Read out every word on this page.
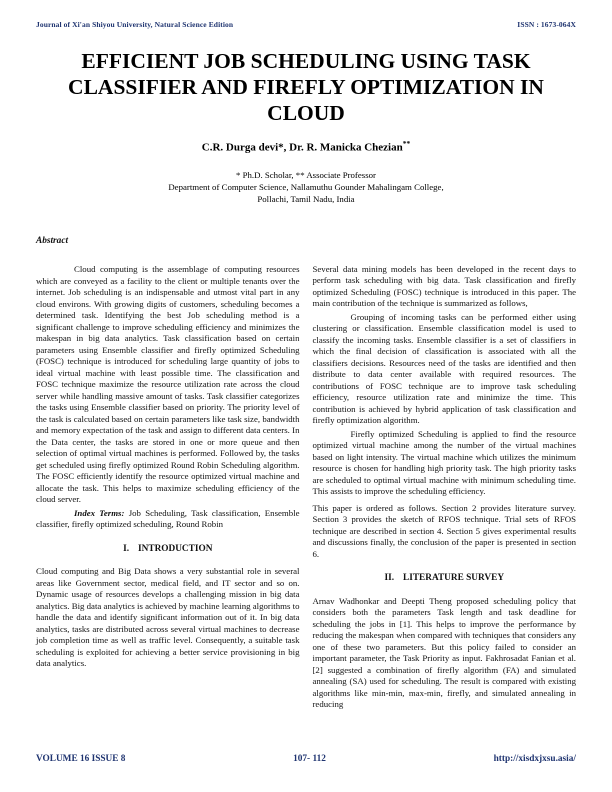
Journal of Xi'an Shiyou University, Natural Science Edition	ISSN : 1673-064X
EFFICIENT JOB SCHEDULING USING TASK
CLASSIFIER AND FIREFLY OPTIMIZATION IN
CLOUD
C.R. Durga devi*, Dr. R. Manicka Chezian**
* Ph.D. Scholar, ** Associate Professor
Department of Computer Science, Nallamuthu Gounder Mahalingam College,
Pollachi, Tamil Nadu, India
Abstract

Cloud computing is the assemblage of computing resources which are conveyed as a facility to the client or multiple tenants over the internet. Job scheduling is an indispensable and utmost vital part in any cloud environs. With growing digits of customers, scheduling becomes a determined task. Identifying the best Job scheduling method is a significant challenge to improve scheduling efficiency and minimizes the makespan in big data analytics. Task classification based on certain parameters using Ensemble classifier and firefly optimized Scheduling (FOSC) technique is introduced for scheduling large quantity of jobs to ideal virtual machine with least possible time. The classification and FOSC technique maximize the resource utilization rate across the cloud server while handling massive amount of tasks. Task classifier categorizes the tasks using Ensemble classifier based on priority. The priority level of the task is calculated based on certain parameters like task size, bandwidth and memory expectation of the task and assign to different data centers. In the Data center, the tasks are stored in one or more queue and then selection of optimal virtual machines is performed. Followed by, the tasks get scheduled using firefly optimized Round Robin Scheduling algorithm. The FOSC efficiently identify the resource optimized virtual machine and allocate the task. This helps to maximize scheduling efficiency of the cloud server.

Index Terms: Job Scheduling, Task classification, Ensemble classifier, firefly optimized scheduling, Round Robin

I. INTRODUCTION

Cloud computing and Big Data shows a very substantial role in several areas like Government sector, medical field, and IT sector and so on. Dynamic usage of resources develops a challenging mission in big data analytics. Big data analytics is achieved by machine learning algorithms to handle the data and identify significant information out of it. In big data analytics, tasks are distributed across several virtual machines to decrease job completion time as well as traffic level. Consequently, a suitable task scheduling is exploited for achieving a better service provisioning in big data analytics.

Several data mining models has been developed in the recent days to perform task scheduling with big data. Task classification and firefly optimized Scheduling (FOSC) technique is introduced in this paper. The main contribution of the technique is summarized as follows,

Grouping of incoming tasks can be performed either using clustering or classification. Ensemble classification model is used to classify the incoming tasks. Ensemble classifier is a set of classifiers in which the final decision of classification is associated with all the classifiers decisions. Resources need of the tasks are identified and then distribute to data center available with required resources. The contributions of FOSC technique are to improve task scheduling efficiency, resource utilization rate and minimize the time. This contribution is achieved by hybrid application of task classification and firefly optimization algorithm.

Firefly optimized Scheduling is applied to find the resource optimized virtual machine among the number of the virtual machines based on light intensity. The virtual machine which utilizes the minimum resource is chosen for handling high priority task. The high priority tasks are scheduled to optimal virtual machine with minimum scheduling time. This assists to improve the scheduling efficiency.

This paper is ordered as follows. Section 2 provides literature survey. Section 3 provides the sketch of RFOS technique. Trial sets of RFOS technique are described in section 4. Section 5 gives experimental results and discussions finally, the conclusion of the paper is presented in section 6.

II. LITERATURE SURVEY

Arnav Wadhonkar and Deepti Theng proposed scheduling policy that considers both the parameters Task length and task deadline for scheduling the jobs in [1]. This helps to improve the performance by reducing the makespan when compared with techniques that considers any one of these two parameters. But this policy failed to consider an important parameter, the Task Priority as input. Fakhrosadat Fanian et al. [2] suggested a combination of firefly algorithm (FA) and simulated annealing (SA) used for scheduling. The result is compared with existing algorithms like min-min, max-min, firefly, and simulated annealing in reducing

VOLUME 16 ISSUE 8	107- 112	http://xisdxjxsu.asia/
